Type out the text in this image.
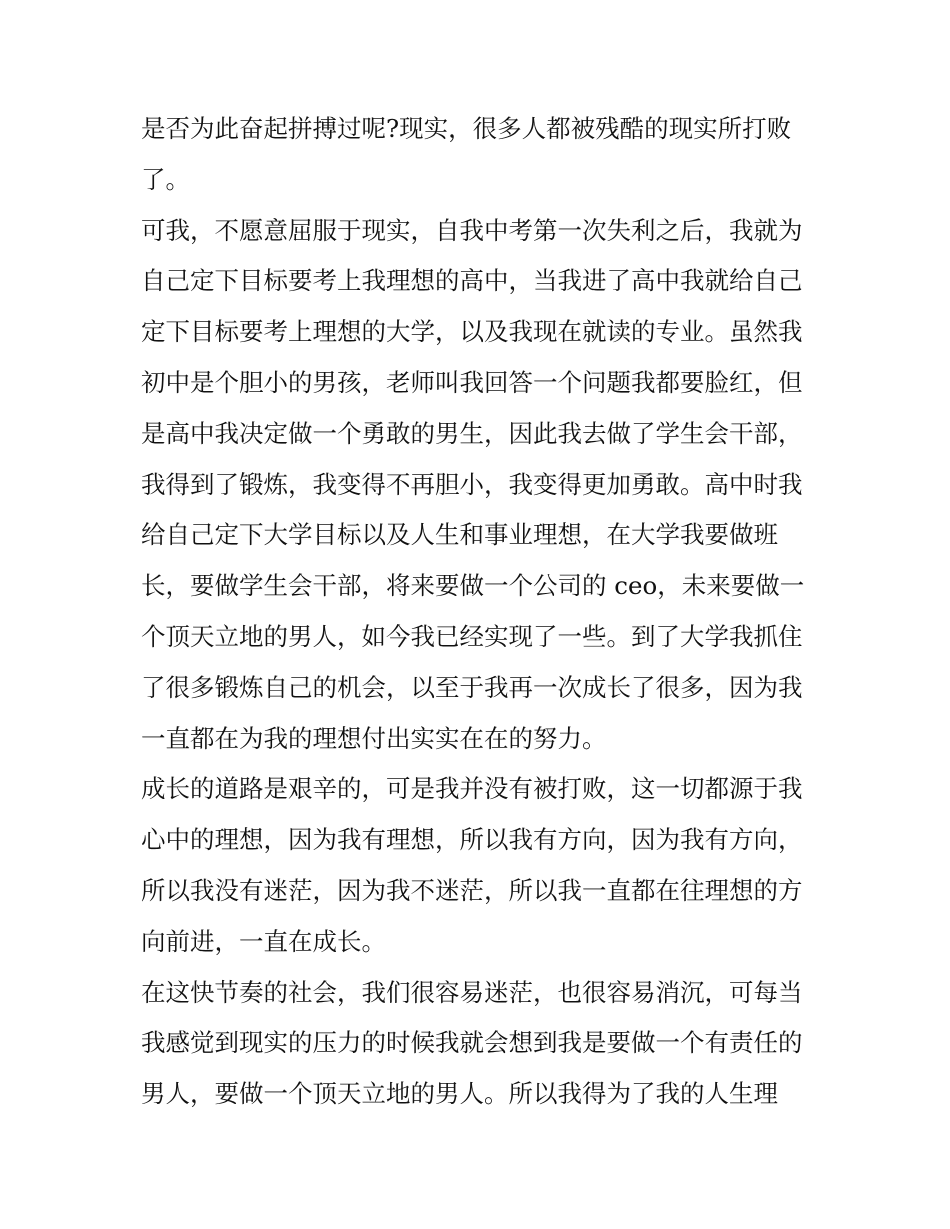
是否为此奋起拼搏过呢?现实，很多人都被残酷的现实所打败
了。
可我，不愿意屈服于现实，自我中考第一次失利之后，我就为
自己定下目标要考上我理想的高中，当我进了高中我就给自己
定下目标要考上理想的大学，以及我现在就读的专业。虽然我
初中是个胆小的男孩，老师叫我回答一个问题我都要脸红，但
是高中我决定做一个勇敢的男生，因此我去做了学生会干部，
我得到了锻炼，我变得不再胆小，我变得更加勇敢。高中时我
给自己定下大学目标以及人生和事业理想，在大学我要做班
长，要做学生会干部，将来要做一个公司的 ceo，未来要做一
个顶天立地的男人，如今我已经实现了一些。到了大学我抓住
了很多锻炼自己的机会，以至于我再一次成长了很多，因为我
一直都在为我的理想付出实实在在的努力。
成长的道路是艰辛的，可是我并没有被打败，这一切都源于我
心中的理想，因为我有理想，所以我有方向，因为我有方向，
所以我没有迷茫，因为我不迷茫，所以我一直都在往理想的方
向前进，一直在成长。
在这快节奏的社会，我们很容易迷茫，也很容易消沉，可每当
我感觉到现实的压力的时候我就会想到我是要做一个有责任的
男人，要做一个顶天立地的男人。所以我得为了我的人生理
